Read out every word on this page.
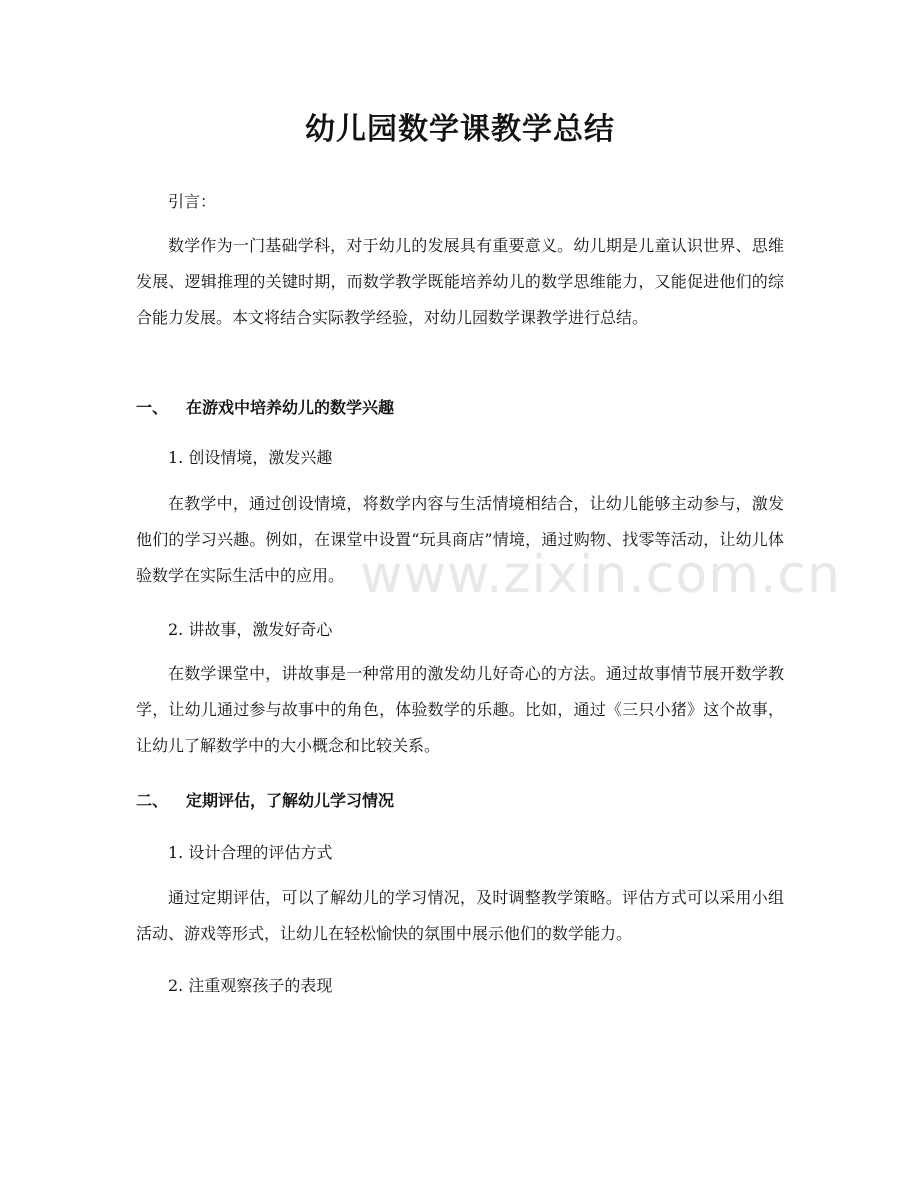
幼儿园数学课教学总结
引言：
数学作为一门基础学科，对于幼儿的发展具有重要意义。幼儿期是儿童认识世界、思维发展、逻辑推理的关键时期，而数学教学既能培养幼儿的数学思维能力，又能促进他们的综合能力发展。本文将结合实际教学经验，对幼儿园数学课教学进行总结。
一、 在游戏中培养幼儿的数学兴趣
1. 创设情境，激发兴趣
在教学中，通过创设情境，将数学内容与生活情境相结合，让幼儿能够主动参与，激发他们的学习兴趣。例如，在课堂中设置“玩具商店”情境，通过购物、找零等活动，让幼儿体验数学在实际生活中的应用。
2. 讲故事，激发好奇心
在数学课堂中，讲故事是一种常用的激发幼儿好奇心的方法。通过故事情节展开数学教学，让幼儿通过参与故事中的角色，体验数学的乐趣。比如，通过《三只小猪》这个故事，让幼儿了解数学中的大小概念和比较关系。
二、 定期评估，了解幼儿学习情况
1. 设计合理的评估方式
通过定期评估，可以了解幼儿的学习情况，及时调整教学策略。评估方式可以采用小组活动、游戏等形式，让幼儿在轻松愉快的氛围中展示他们的数学能力。
2. 注重观察孩子的表现
www.zixin.com.cn
